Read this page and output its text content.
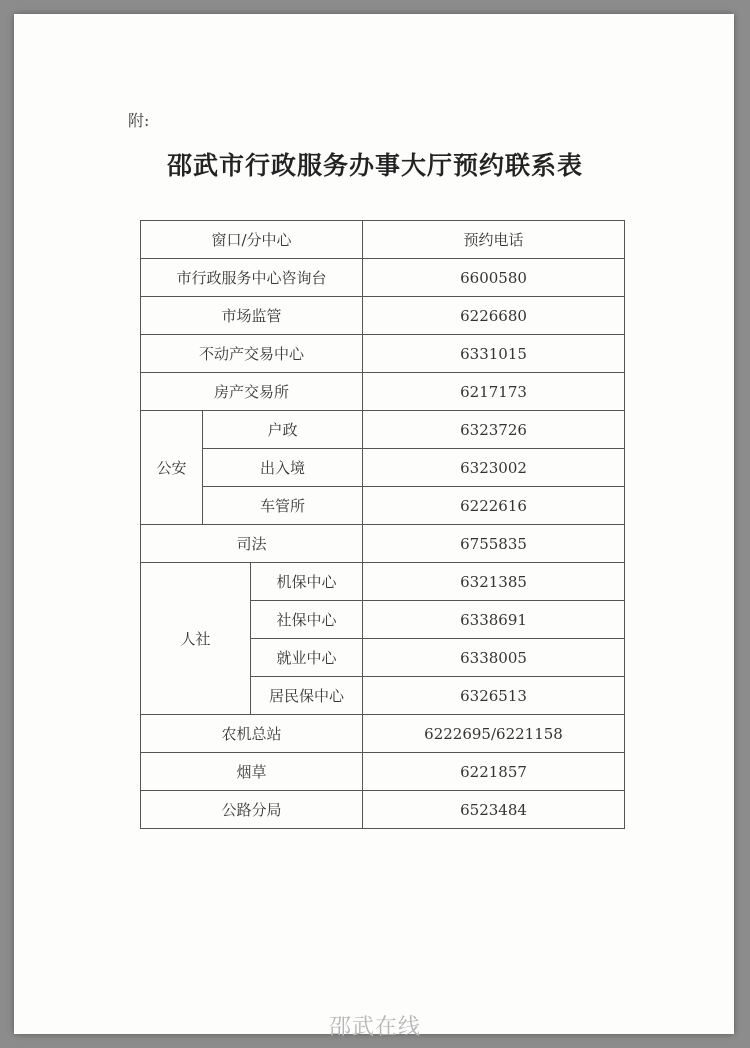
附:
邵武市行政服务办事大厅预约联系表
窗口/分中心			预约电话
市行政服务中心咨询台			6600580
市场监管			6226680
不动产交易中心			6331015
房产交易所			6217173
公安	户政		6323726
	出入境		6323002
	车管所		6222616
司法			6755835
人社		机保中心	6321385
		社保中心	6338691
		就业中心	6338005
		居民保中心	6326513
农机总站			6222695/6221158
烟草			6221857
公路分局			6523484
邵武在线
